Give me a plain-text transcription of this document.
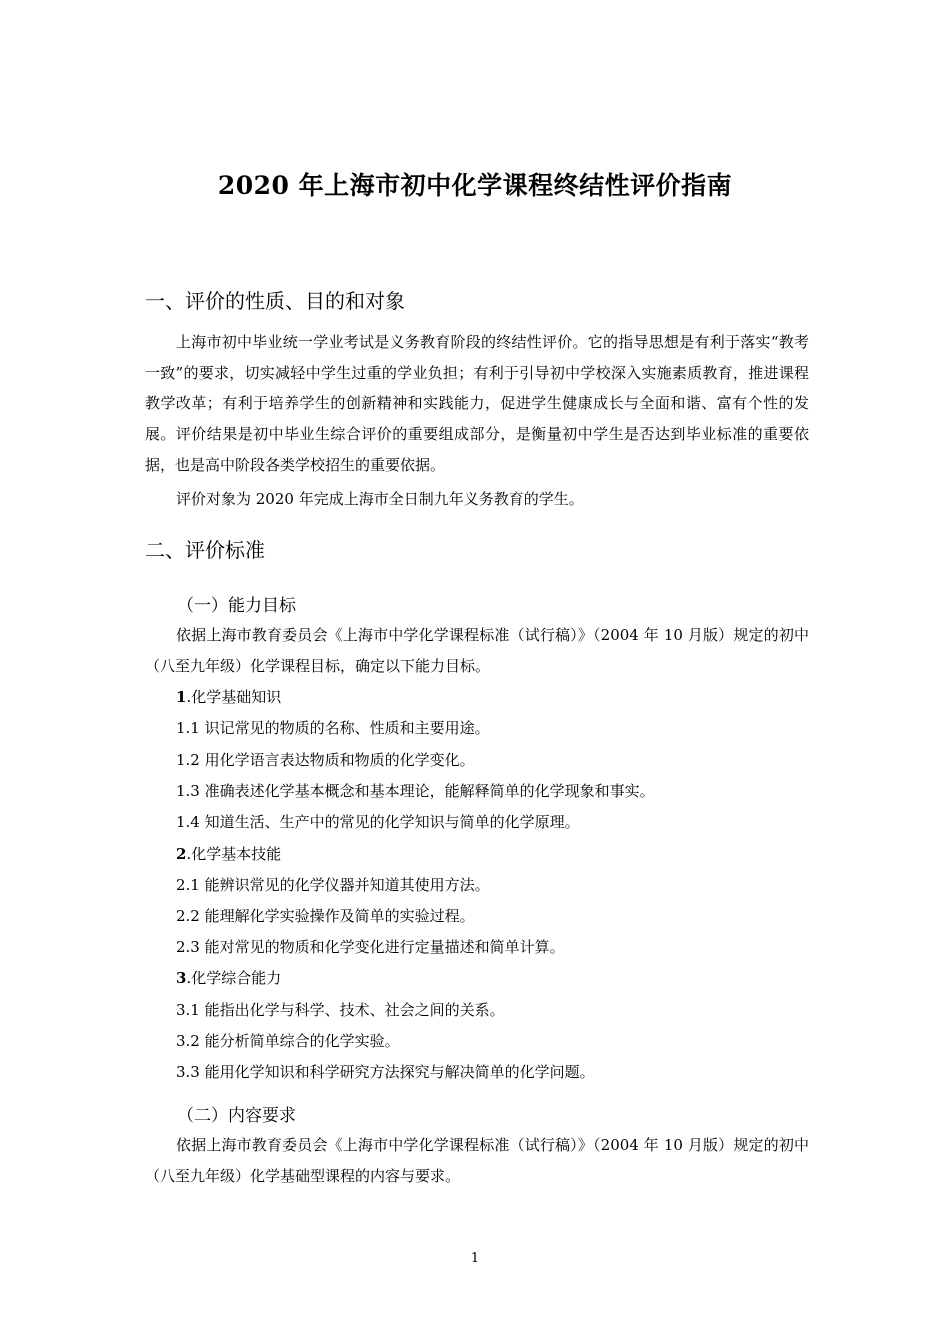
2020 年上海市初中化学课程终结性评价指南
一、评价的性质、目的和对象
上海市初中毕业统一学业考试是义务教育阶段的终结性评价。它的指导思想是有利于落实“教考一致”的要求，切实减轻中学生过重的学业负担；有利于引导初中学校深入实施素质教育，推进课程教学改革；有利于培养学生的创新精神和实践能力，促进学生健康成长与全面和谐、富有个性的发展。评价结果是初中毕业生综合评价的重要组成部分，是衡量初中学生是否达到毕业标准的重要依据，也是高中阶段各类学校招生的重要依据。
评价对象为 2020 年完成上海市全日制九年义务教育的学生。
二、评价标准
（一）能力目标
依据上海市教育委员会《上海市中学化学课程标准（试行稿）》（2004 年 10 月版）规定的初中（八至九年级）化学课程目标，确定以下能力目标。
1.化学基础知识
1.1 识记常见的物质的名称、性质和主要用途。
1.2 用化学语言表达物质和物质的化学变化。
1.3 准确表述化学基本概念和基本理论，能解释简单的化学现象和事实。
1.4 知道生活、生产中的常见的化学知识与简单的化学原理。
2.化学基本技能
2.1 能辨识常见的化学仪器并知道其使用方法。
2.2 能理解化学实验操作及简单的实验过程。
2.3 能对常见的物质和化学变化进行定量描述和简单计算。
3.化学综合能力
3.1 能指出化学与科学、技术、社会之间的关系。
3.2 能分析简单综合的化学实验。
3.3 能用化学知识和科学研究方法探究与解决简单的化学问题。
（二）内容要求
依据上海市教育委员会《上海市中学化学课程标准（试行稿）》（2004 年 10 月版）规定的初中（八至九年级）化学基础型课程的内容与要求。
1
